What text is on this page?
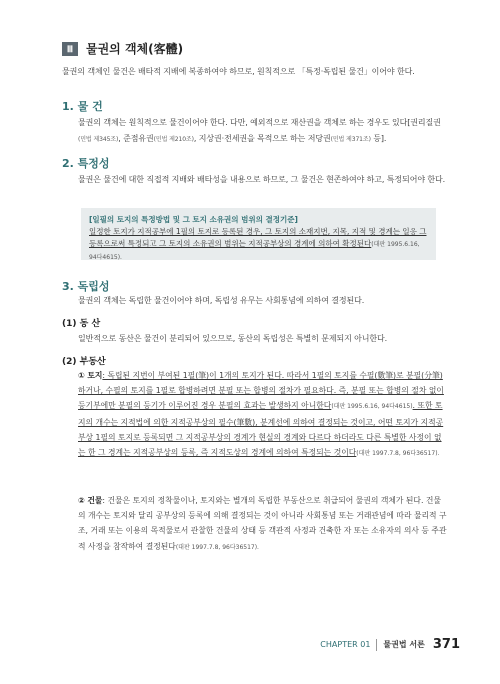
Ⅲ	물권의 객체(客體)
물권의 객체인 물건은 배타적 지배에 복종하여야 하므로, 원칙적으로 「특정·독립된 물건」이어야 한다.
1. 물 건
물권의 객체는 원칙적으로 물건이어야 한다. 다만, 예외적으로 재산권을 객체로 하는 경우도 있다[권리질권(민법 제345조), 준점유권(민법 제210조), 지상권·전세권을 목적으로 하는 저당권(민법 제371조) 등].
2. 특정성
물권은 물건에 대한 직접적 지배와 배타성을 내용으로 하므로, 그 물건은 현존하여야 하고, 특정되어야 한다.
[일필의 토지의 특정방법 및 그 토지 소유권의 범위의 결정기준]
일정한 토지가 지적공부에 1필의 토지로 등록된 경우, 그 토지의 소재지번, 지목, 지적 및 경계는 일응 그 등록으로써 특정되고 그 토지의 소유권의 범위는 지적공부상의 경계에 의하여 확정된다(대판 1995.6.16, 94다4615).
3. 독립성
물권의 객체는 독립한 물건이어야 하며, 독립성 유무는 사회통념에 의하여 결정된다.
(1) 동 산
일반적으로 동산은 물건이 분리되어 있으므로, 동산의 독립성은 특별히 문제되지 아니한다.
(2) 부동산
① 토지: 독립된 지번이 부여된 1필(筆)이 1개의 토지가 된다. 따라서 1필의 토지를 수필(數筆)로 분필(分筆)하거나, 수필의 토지를 1필로 합병하려면 분필 또는 합병의 절차가 필요하다. 즉, 분필 또는 합병의 절차 없이 등기부에만 분필의 등기가 이루어진 경우 분필의 효과는 발생하지 아니한다(대판 1995.6.16, 94다4615). 또한 토지의 개수는 지적법에 의한 지적공부상의 필수(筆數), 분계선에 의하여 결정되는 것이고, 어떤 토지가 지적공부상 1필의 토지로 등록되면 그 지적공부상의 경계가 현실의 경계와 다르다 하더라도 다른 특별한 사정이 없는 한 그 경계는 지적공부상의 등록, 즉 지적도상의 경계에 의하여 특정되는 것이다(대판 1997.7.8, 96다36517).
② 건물: 건물은 토지의 정착물이나, 토지와는 별개의 독립한 부동산으로 취급되어 물권의 객체가 된다. 건물의 개수는 토지와 달리 공부상의 등록에 의해 결정되는 것이 아니라 사회통념 또는 거래관념에 따라 물리적 구조, 거래 또는 이용의 목적물로서 관찰한 건물의 상태 등 객관적 사정과 건축한 자 또는 소유자의 의사 등 주관적 사정을 참작하여 결정된다(대판 1997.7.8, 96다36517).
CHAPTER 01 물권법 서론 371
